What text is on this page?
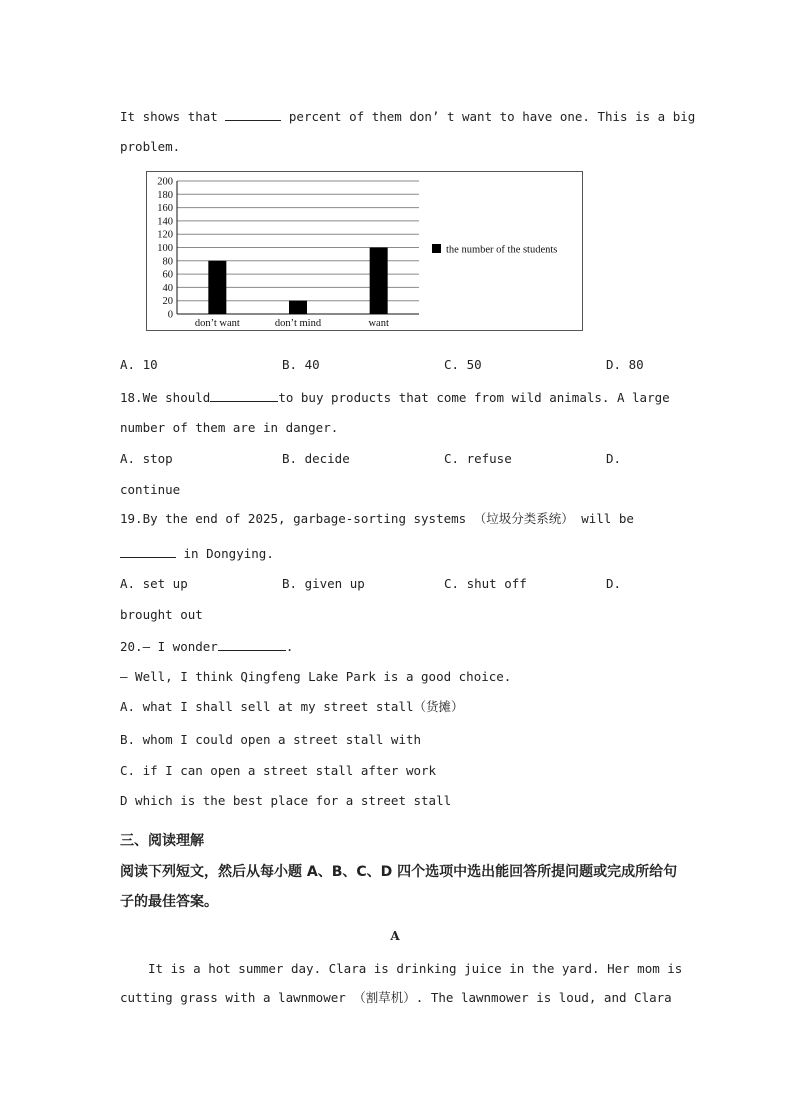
It shows that	percent of them don’ t want to have one. This is a big
problem.
0
20
40
60
80
100
120
140
160
180
200
don’t want	don’t mind	want
the number of the students
A. 10	B. 40	C. 50	D. 80
18.We should	to buy products that come from wild animals. A large
number of them are in danger.
A. stop	B. decide	C. refuse	D.
continue
19.By the end of 2025, garbage-sorting systems （垃圾分类系统） will be
in Dongying.
A. set up	B. given up	C. shut off	D.
brought out
20.— I wonder	.
— Well, I think Qingfeng Lake Park is a good choice.
A. what I shall sell at my street stall（货摊）
B. whom I could open a street stall with
C. if I can open a street stall after work
D which is the best place for a street stall
三、阅读理解
阅读下列短文，然后从每小题 A、B、C、D 四个选项中选出能回答所提问题或完成所给句
子的最佳答案。
A
It is a hot summer day. Clara is drinking juice in the yard. Her mom is
cutting grass with a lawnmower （割草机）. The lawnmower is loud, and Clara
